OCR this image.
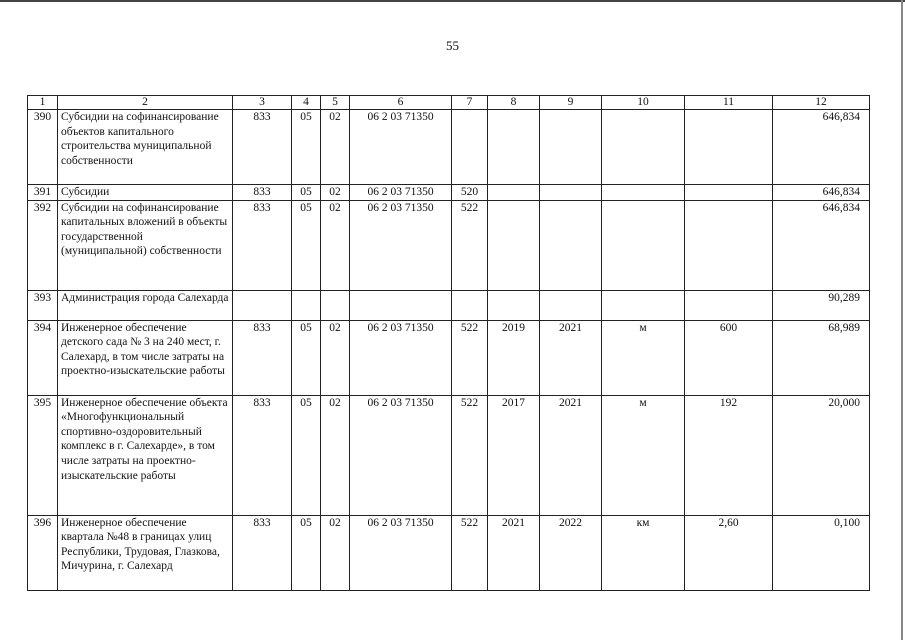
55
1	2	3	4	5	6	7	8	9	10	11	12
390	Субсидии на софинансирование объектов капитального строительства муниципальной собственности	833	05	02	06 2 03 71350						646,834
391	Субсидии	833	05	02	06 2 03 71350	520					646,834
392	Субсидии на софинансирование капитальных вложений в объекты государственной (муниципальной) собственности	833	05	02	06 2 03 71350	522					646,834
393	Администрация города Салехарда										90,289
394	Инженерное обеспечение детского сада № 3 на 240 мест, г. Салехард, в том числе затраты на проектно-изыскательские работы	833	05	02	06 2 03 71350	522	2019	2021	м	600	68,989
395	Инженерное обеспечение объекта «Многофункциональный спортивно-оздоровительный комплекс в г. Салехарде», в том числе затраты на проектно-изыскательские работы	833	05	02	06 2 03 71350	522	2017	2021	м	192	20,000
396	Инженерное обеспечение квартала №48 в границах улиц Республики, Трудовая, Глазкова, Мичурина, г. Салехард	833	05	02	06 2 03 71350	522	2021	2022	км	2,60	0,100
